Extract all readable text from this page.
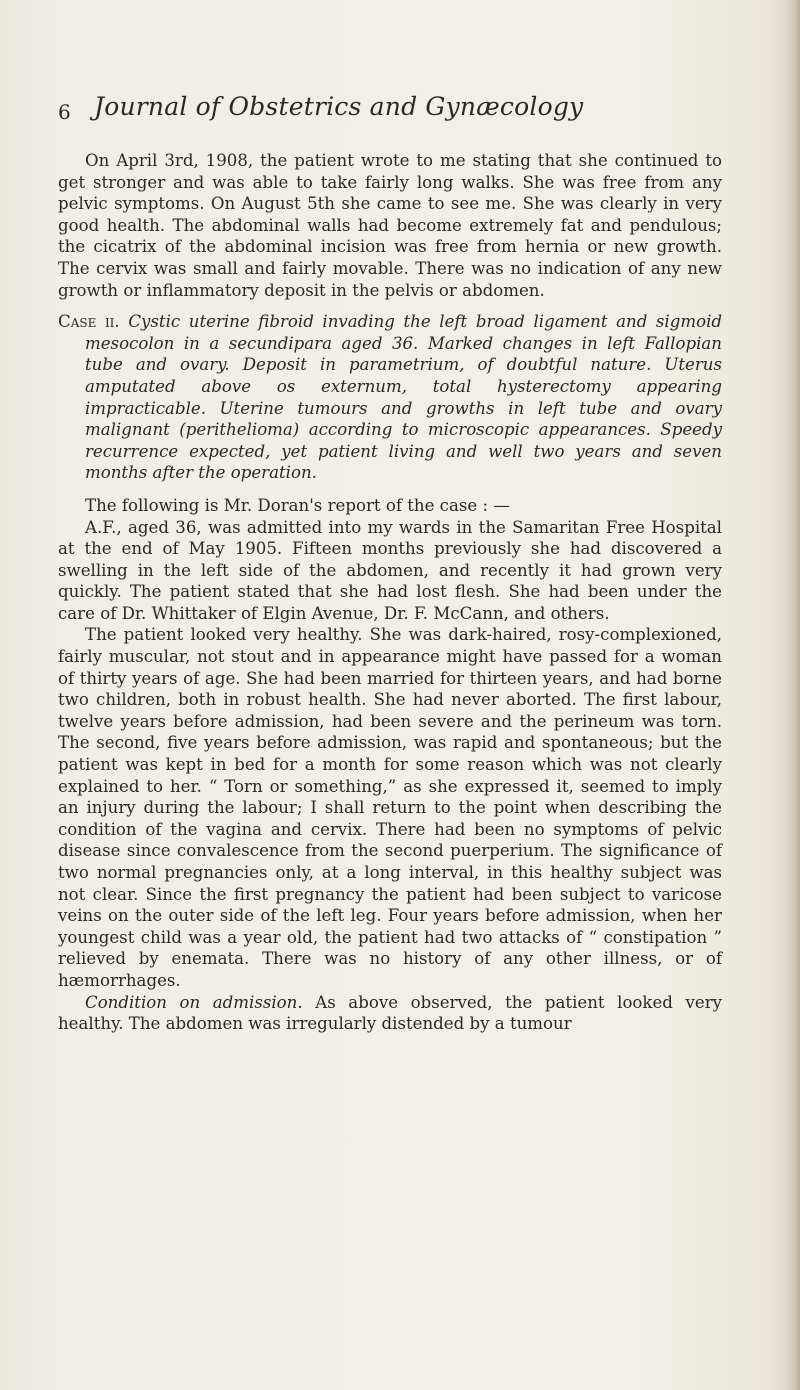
6 Journal of Obstetrics and Gynæcology

On April 3rd, 1908, the patient wrote to me stating that she continued to get stronger and was able to take fairly long walks. She was free from any pelvic symptoms. On August 5th she came to see me. She was clearly in very good health. The abdominal walls had become extremely fat and pendulous; the cicatrix of the abdominal incision was free from hernia or new growth. The cervix was small and fairly movable. There was no indication of any new growth or inflammatory deposit in the pelvis or abdomen.

Case ii. Cystic uterine fibroid invading the left broad ligament and sigmoid mesocolon in a secundipara aged 36. Marked changes in left Fallopian tube and ovary. Deposit in parametrium, of doubtful nature. Uterus amputated above os externum, total hysterectomy appearing impracticable. Uterine tumours and growths in left tube and ovary malignant (perithelioma) according to microscopic appearances. Speedy recurrence expected, yet patient living and well two years and seven months after the operation.

The following is Mr. Doran's report of the case : —

A.F., aged 36, was admitted into my wards in the Samaritan Free Hospital at the end of May 1905. Fifteen months previously she had discovered a swelling in the left side of the abdomen, and recently it had grown very quickly. The patient stated that she had lost flesh. She had been under the care of Dr. Whittaker of Elgin Avenue, Dr. F. McCann, and others.

The patient looked very healthy. She was dark-haired, rosy-complexioned, fairly muscular, not stout and in appearance might have passed for a woman of thirty years of age. She had been married for thirteen years, and had borne two children, both in robust health. She had never aborted. The first labour, twelve years before admission, had been severe and the perineum was torn. The second, five years before admission, was rapid and spontaneous; but the patient was kept in bed for a month for some reason which was not clearly explained to her. “ Torn or something,” as she expressed it, seemed to imply an injury during the labour; I shall return to the point when describing the condition of the vagina and cervix. There had been no symptoms of pelvic disease since convalescence from the second puerperium. The significance of two normal pregnancies only, at a long interval, in this healthy subject was not clear. Since the first pregnancy the patient had been subject to varicose veins on the outer side of the left leg. Four years before admission, when her youngest child was a year old, the patient had two attacks of “ constipation ” relieved by enemata. There was no history of any other illness, or of hæmorrhages.

Condition on admission. As above observed, the patient looked very healthy. The abdomen was irregularly distended by a tumour
